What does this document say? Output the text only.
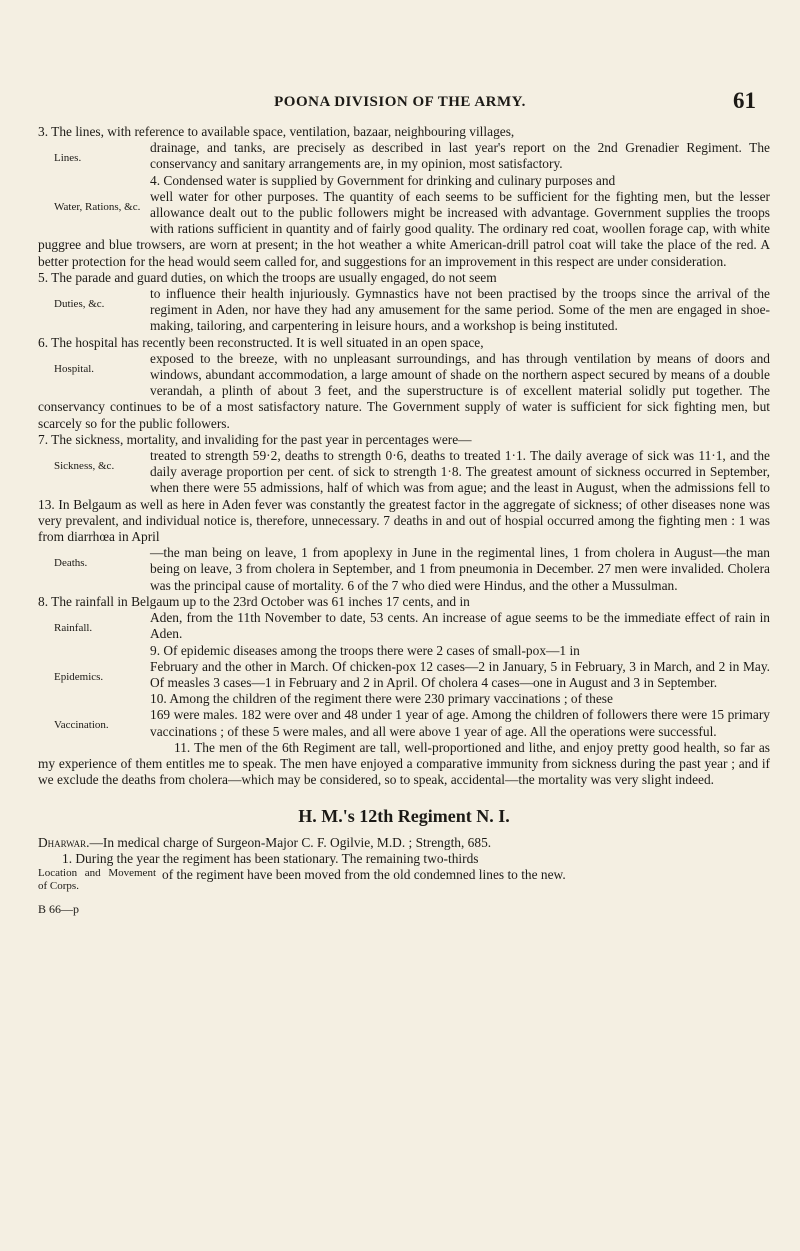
POONA DIVISION OF THE ARMY.	61

3. The lines, with reference to available space, ventilation, bazaar, neighbouring villages,

Lines.
drainage, and tanks, are precisely as described in last year's report on the 2nd Grenadier Regiment. The conservancy and sanitary arrangements are, in my opinion, most satisfactory.

4. Condensed water is supplied by Government for drinking and culinary purposes and

Water, Rations, &c.
well water for other purposes. The quantity of each seems to be sufficient for the fighting men, but the lesser allowance dealt out to the public followers might be increased with advantage. Government supplies the troops with rations sufficient in quantity and of fairly good quality. The ordinary red coat, woollen forage cap, with white puggree and blue trowsers, are worn at present; in the hot weather a white American-drill patrol coat will take the place of the red. A better protection for the head would seem called for, and suggestions for an improvement in this respect are under consideration.

5. The parade and guard duties, on which the troops are usually engaged, do not seem

Duties, &c.
to influence their health injuriously. Gymnastics have not been practised by the troops since the arrival of the regiment in Aden, nor have they had any amusement for the same period. Some of the men are engaged in shoe-making, tailoring, and carpentering in leisure hours, and a workshop is being instituted.

6. The hospital has recently been reconstructed. It is well situated in an open space,

Hospital.
exposed to the breeze, with no unpleasant surroundings, and has through ventilation by means of doors and windows, abundant accommodation, a large amount of shade on the northern aspect secured by means of a double verandah, a plinth of about 3 feet, and the superstructure is of excellent material solidly put together. The conservancy continues to be of a most satisfactory nature. The Government supply of water is sufficient for sick fighting men, but scarcely so for the public followers.

7. The sickness, mortality, and invaliding for the past year in percentages were—

Sickness, &c.
treated to strength 59·2, deaths to strength 0·6, deaths to treated 1·1. The daily average of sick was 11·1, and the daily average proportion per cent. of sick to strength 1·8. The greatest amount of sickness occurred in September, when there were 55 admissions, half of which was from ague; and the least in August, when the admissions fell to 13. In Belgaum as well as here in Aden fever was constantly the greatest factor in the aggregate of sickness; of other diseases none was very prevalent, and individual notice is, therefore, unnecessary. 7 deaths in and out of hospial occurred among the fighting men : 1 was from diarrhœa in April

Deaths.
—the man being on leave, 1 from apoplexy in June in the regimental lines, 1 from cholera in August—the man being on leave, 3 from cholera in September, and 1 from pneumonia in December. 27 men were invalided. Cholera was the principal cause of mortality. 6 of the 7 who died were Hindus, and the other a Mussulman.

8. The rainfall in Belgaum up to the 23rd October was 61 inches 17 cents, and in

Rainfall.
Aden, from the 11th November to date, 53 cents. An increase of ague seems to be the immediate effect of rain in Aden.

9. Of epidemic diseases among the troops there were 2 cases of small-pox—1 in

Epidemics.
February and the other in March. Of chicken-pox 12 cases—2 in January, 5 in February, 3 in March, and 2 in May. Of measles 3 cases—1 in February and 2 in April. Of cholera 4 cases—one in August and 3 in September.

10. Among the children of the regiment there were 230 primary vaccinations ; of these

Vaccination.
169 were males. 182 were over and 48 under 1 year of age. Among the children of followers there were 15 primary vaccinations ; of these 5 were males, and all were above 1 year of age. All the operations were successful.

11. The men of the 6th Regiment are tall, well-proportioned and lithe, and enjoy pretty good health, so far as my experience of them entitles me to speak. The men have enjoyed a comparative immunity from sickness during the past year ; and if we exclude the deaths from cholera—which may be considered, so to speak, accidental—the mortality was very slight indeed.

H. M.'s 12th Regiment N. I.

Dharwar.—In medical charge of Surgeon-Major C. F. Ogilvie, M.D. ; Strength, 685.

1. During the year the regiment has been stationary. The remaining two-thirds

Location and Movement of Corps.
of the regiment have been moved from the old condemned lines to the new.

B 66—p
